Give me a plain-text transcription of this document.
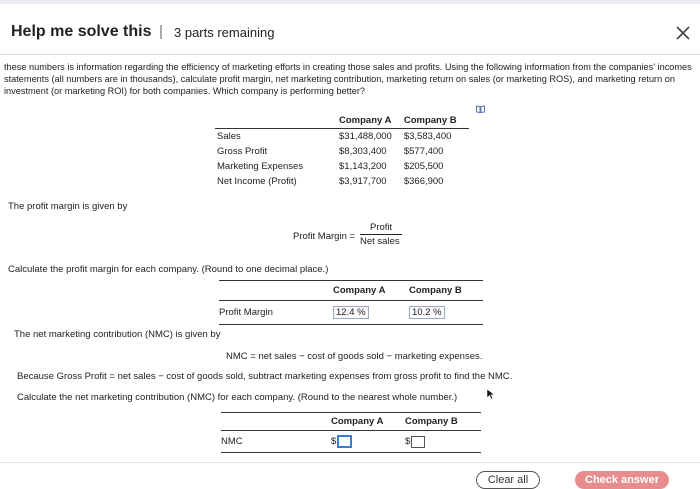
Help me solve this | 3 parts remaining
these numbers is information regarding the efficiency of marketing efforts in creating those sales and profits. Using the following information from the companies' incomes statements (all numbers are in thousands), calculate profit margin, net marketing contribution, marketing return on sales (or marketing ROS), and marketing return on investment (or marketing ROI) for both companies. Which company is performing better?
	Company A	Company B
Sales	$31,488,000	$3,583,400
Gross Profit	$8,303,400	$577,400
Marketing Expenses	$1,143,200	$205,500
Net Income (Profit)	$3,917,700	$366,900
The profit margin is given by
Profit Margin =
Profit
Net sales
Calculate the profit margin for each company. (Round to one decimal place.)
	Company A	Company B
Profit Margin	12.4 %	10.2 %
The net marketing contribution (NMC) is given by
NMC = net sales − cost of goods sold − marketing expenses.
Because Gross Profit = net sales − cost of goods sold, subtract marketing expenses from gross profit to find the NMC.
Calculate the net marketing contribution (NMC) for each company. (Round to the nearest whole number.)
	Company A	Company B
NMC	$	$
Clear all	Check answer
